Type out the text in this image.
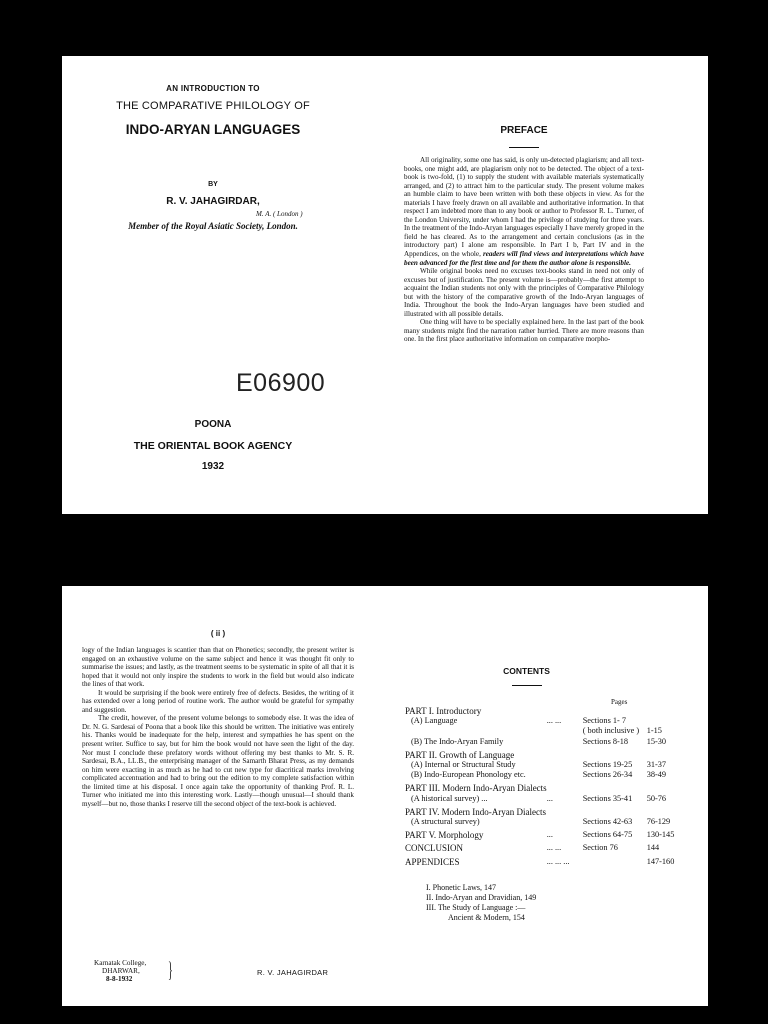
AN INTRODUCTION TO
THE COMPARATIVE PHILOLOGY OF
INDO-ARYAN LANGUAGES
BY
R. V. JAHAGIRDAR,
M. A. ( London )
Member of the Royal Asiatic Society, London.
E06900
POONA
THE ORIENTAL BOOK AGENCY
1932
PREFACE

All originality, some one has said, is only un-detected plagiarism; and all text-books, one might add, are plagiarism only not to be detected. The object of a text-book is two-fold, (1) to supply the student with available materials systematically arranged, and (2) to attract him to the particular study. The present volume makes an humble claim to have been written with both these objects in view. As for the materials I have freely drawn on all available and authoritative information. In that respect I am indebted more than to any book or author to Professor R. L. Turner, of the London University, under whom I had the privilege of studying for three years. In the treatment of the Indo-Aryan languages especially I have merely groped in the field he has cleared. As to the arrangement and certain conclusions (as in the introductory part) I alone am responsible. In Part I b, Part IV and in the Appendices, on the whole, readers will find views and interpretations which have been advanced for the first time and for them the author alone is responsible.

While original books need no excuses text-books stand in need not only of excuses but of justification. The present volume is—probably—the first attempt to acquaint the Indian students not only with the principles of Comparative Philology but with the history of the comparative growth of the Indo-Aryan languages of India. Throughout the book the Indo-Aryan languages have been studied and illustrated with all possible details.

One thing will have to be specially explained here. In the last part of the book many students might find the narration rather hurried. There are more reasons than one. In the first place authoritative information on comparative morpho-

( ii )

logy of the Indian languages is scantier than that on Phonetics; secondly, the present writer is engaged on an exhaustive volume on the same subject and hence it was thought fit only to summarise the issues; and lastly, as the treatment seems to be systematic in spite of all that it is hoped that it would not only inspire the students to work in the field but would also indicate the lines of that work.

It would be surprising if the book were entirely free of defects. Besides, the writing of it has extended over a long period of routine work. The author would be grateful for sympathy and suggestion.

The credit, however, of the present volume belongs to somebody else. It was the idea of Dr. N. G. Sardesai of Poona that a book like this should be written. The initiative was entirely his. Thanks would be inadequate for the help, interest and sympathies he has spent on the present writer. Suffice to say, but for him the book would not have seen the light of the day. Nor must I conclude these prefatory words without offering my best thanks to Mr. S. R. Sardesai, B.A., LL.B., the enterprising manager of the Samarth Bharat Press, as my demands on him were exacting in as much as he had to cut new type for diacritical marks involving complicated accentuation and had to bring out the edition to my complete satisfaction within the limited time at his disposal. I once again take the opportunity of thanking Prof. R. L. Turner who initiated me into this interesting work. Lastly—though unusual—I should thank myself—but no, those thanks I reserve till the second object of the text-book is achieved.

Karnatak College,
DHARWAR,
8-8-1932	}	R. V. JAHAGIRDAR
CONTENTS
Pages
PART I. Introductory			
(A) Language	... ...	Sections 1- 7	
		( both inclusive )	1-15
(B) The Indo-Aryan Family		Sections 8-18	15-30
PART II. Growth of Language			
(A) Internal or Structural Study		Sections 19-25	31-37
(B) Indo-European Phonology etc.		Sections 26-34	38-49
PART III. Modern Indo-Aryan Dialects			
(A historical survey) ...	...	Sections 35-41	50-76
PART IV. Modern Indo-Aryan Dialects			
(A structural survey)		Sections 42-63	76-129
PART V. Morphology	...	Sections 64-75	130-145
CONCLUSION	... ...	Section 76	144
APPENDICES	... ... ...		147-160
I. Phonetic Laws, 147
II. Indo-Aryan and Dravidian, 149
III. The Study of Language :—
Ancient & Modern, 154
